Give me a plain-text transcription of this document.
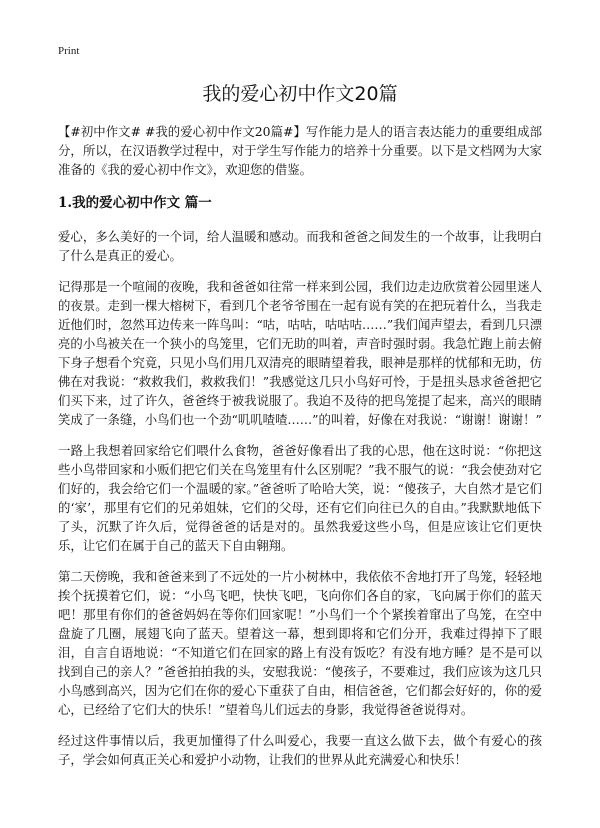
Print
我的爱心初中作文20篇

【#初中作文# #我的爱心初中作文20篇#】写作能力是人的语言表达能力的重要组成部分，所以，在汉语教学过程中，对于学生写作能力的培养十分重要。以下是文档网为大家准备的《我的爱心初中作文》，欢迎您的借鉴。

1.我的爱心初中作文 篇一

爱心，多么美好的一个词，给人温暖和感动。而我和爸爸之间发生的一个故事，让我明白了什么是真正的爱心。

记得那是一个喧闹的夜晚，我和爸爸如往常一样来到公园，我们边走边欣赏着公园里迷人的夜景。走到一棵大榕树下，看到几个老爷爷围在一起有说有笑的在把玩着什么，当我走近他们时，忽然耳边传来一阵鸟叫：“咕，咕咕，咕咕咕……”我们闻声望去，看到几只漂亮的小鸟被关在一个狭小的鸟笼里，它们无助的叫着，声音时强时弱。我急忙跑上前去俯下身子想看个究竟，只见小鸟们用几双清亮的眼睛望着我，眼神是那样的忧郁和无助，仿佛在对我说：“救救我们，救救我们！”我感觉这几只小鸟好可怜，于是扭头恳求爸爸把它们买下来，过了许久，爸爸终于被我说服了。我迫不及待的把鸟笼提了起来，高兴的眼睛笑成了一条缝，小鸟们也一个劲“叽叽喳喳……”的叫着，好像在对我说：“谢谢！谢谢！”

一路上我想着回家给它们喂什么食物，爸爸好像看出了我的心思，他在这时说：“你把这些小鸟带回家和小贩们把它们关在鸟笼里有什么区别呢？”我不服气的说：“我会使劲对它们好的，我会给它们一个温暖的家。”爸爸听了哈哈大笑，说：“傻孩子，大自然才是它们的‘家’，那里有它们的兄弟姐妹，它们的父母，还有它们向往已久的自由。”我默默地低下了头，沉默了许久后，觉得爸爸的话是对的。虽然我爱这些小鸟，但是应该让它们更快乐，让它们在属于自己的蓝天下自由翱翔。

第二天傍晚，我和爸爸来到了不远处的一片小树林中，我依依不舍地打开了鸟笼，轻轻地挨个抚摸着它们，说：“小鸟飞吧，快快飞吧，飞向你们各自的家，飞向属于你们的蓝天吧！那里有你们的爸爸妈妈在等你们回家呢！”小鸟们一个个紧挨着窜出了鸟笼，在空中盘旋了几圈，展翅飞向了蓝天。望着这一幕，想到即将和它们分开，我难过得掉下了眼泪，自言自语地说：“不知道它们在回家的路上有没有饭吃？有没有地方睡？是不是可以找到自己的亲人？”爸爸拍拍我的头，安慰我说：“傻孩子，不要难过，我们应该为这几只小鸟感到高兴，因为它们在你的爱心下重获了自由，相信爸爸，它们都会好好的，你的爱心，已经给了它们大的快乐！”望着鸟儿们远去的身影，我觉得爸爸说得对。

经过这件事情以后，我更加懂得了什么叫爱心，我要一直这么做下去，做个有爱心的孩子，学会如何真正关心和爱护小动物，让我们的世界从此充满爱心和快乐！
